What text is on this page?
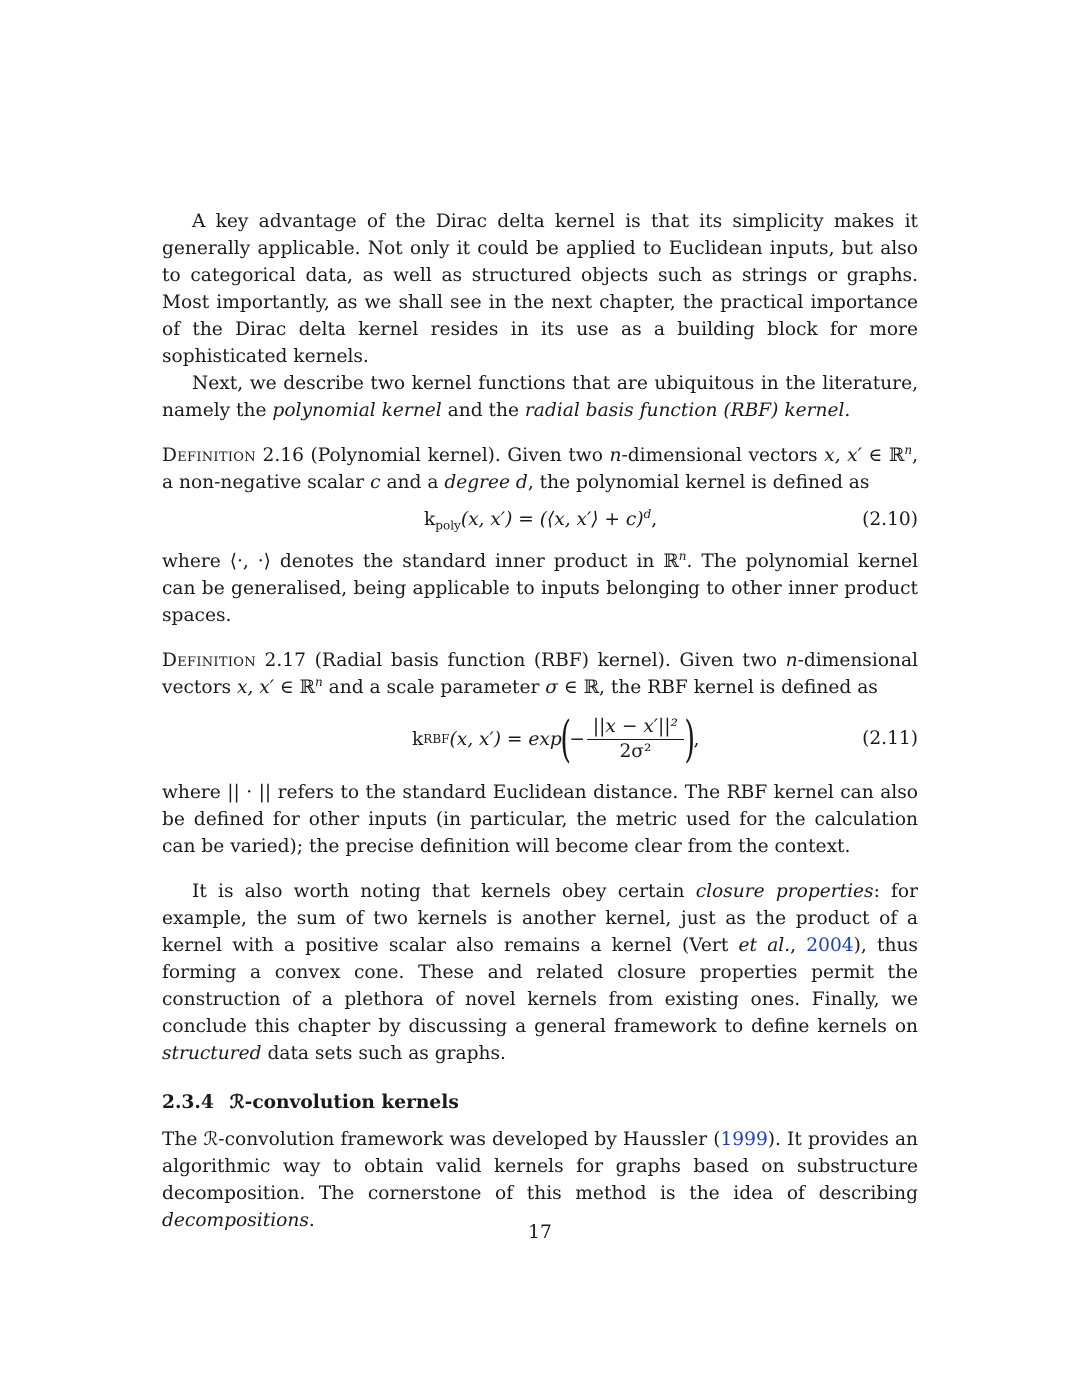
A key advantage of the Dirac delta kernel is that its simplicity makes it generally applicable. Not only it could be applied to Euclidean inputs, but also to categorical data, as well as structured objects such as strings or graphs. Most importantly, as we shall see in the next chapter, the practical importance of the Dirac delta kernel resides in its use as a building block for more sophisticated kernels.

Next, we describe two kernel functions that are ubiquitous in the literature, namely the polynomial kernel and the radial basis function (RBF) kernel.

Definition 2.16 (Polynomial kernel). Given two n-dimensional vectors x, x′ ∈ ℝ$^n$, a non-negative scalar c and a degree d, the polynomial kernel is defined as

$k_{poly}(x$, x′) = (⟨x, x′⟩ + c)$^d$,	(2.10)

where ⟨·, ·⟩ denotes the standard inner product in ℝ$^n$. The polynomial kernel can be generalised, being applicable to inputs belonging to other inner product spaces.

Definition 2.17 (Radial basis function (RBF) kernel). Given two n-dimensional vectors x, x′ ∈ ℝ$^n$ and a scale parameter σ ∈ ℝ, the RBF kernel is defined as

k RBF (x, x′) = exp
(
− $\frac{\text{||x − x′||²}}{\text{2σ²}}$ )
,	(2.11)

where || · || refers to the standard Euclidean distance. The RBF kernel can also be defined for other inputs (in particular, the metric used for the calculation can be varied); the precise definition will become clear from the context.

It is also worth noting that kernels obey certain closure properties: for example, the sum of two kernels is another kernel, just as the product of a kernel with a positive scalar also remains a kernel (Vert et al., 2004), thus forming a convex cone. These and related closure properties permit the construction of a plethora of novel kernels from existing ones. Finally, we conclude this chapter by discussing a general framework to define kernels on structured data sets such as graphs.

2.3.4 ℛ-convolution kernels

The ℛ-convolution framework was developed by Haussler (1999). It provides an algorithmic way to obtain valid kernels for graphs based on substructure decomposition. The cornerstone of this method is the idea of describing decompositions.

17
